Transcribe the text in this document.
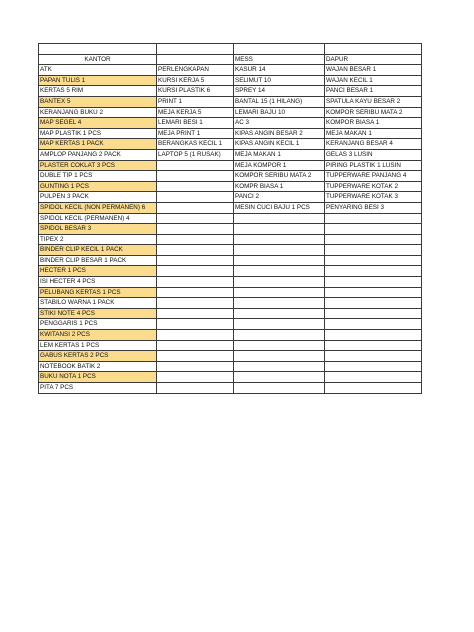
KANTOR		MESS	DAPUR
ATK	PERLENGKAPAN	KASUR 14	WAJAN BESAR 1
PAPAN TULIS 1	KURSI KERJA 5	SELIMUT 10	WAJAN KECIL 1
KERTAS 5 RIM	KURSI PLASTIK 6	SPREY 14	PANCI BESAR 1
BANTEX 5	PRINT 1	BANTAL 15 (1 HILANG)	SPATULA KAYU BESAR 2
KERANJANG BUKU 2	MEJA KERJA 5	LEMARI BAJU 10	KOMPOR SERIBU MATA 2
MAP SEGEL 4	LEMARI BESI 1	AC 3	KOMPOR BIASA 1
MAP PLASTIK 1 PCS	MEJA PRINT 1	KIPAS ANGIN BESAR 2	MEJA MAKAN 1
MAP KERTAS 1 PACK	BERANGKAS KECIL 1	KIPAS ANGIN KECIL 1	KERANJANG BESAR 4
AMPLOP PANJANG 2 PACK	LAPTOP 5 (1 RUSAK)	MEJA MAKAN 1	GELAS 3 LUSIN
PLASTER COKLAT 3 PCS		MEJA KOMPOR 1	PIRING PLASTIK 1 LUSIN
DUBLE TIP 1 PCS		KOMPOR SERIBU MATA 2	TUPPERWARE PANJANG 4
GUNTING 1 PCS		KOMPR BIASA 1	TUPPERWARE KOTAK 2
PULPEN 3 PACK		PANCI 2	TUPPERWARE KOTAK 3
SPIDOL KECIL (NON PERMANEN) 6		MESIN CUCI BAJU 1 PCS	PENYARING BESI 3
SPIDOL KECIL (PERMANEN) 4			
SPIDOL BESAR 3			
TIPEX 2			
BINDER CLIP KECIL 1 PACK			
BINDER CLIP BESAR 1 PACK			
HECTER 1 PCS			
ISI HECTER 4 PCS			
PELUBANG KERTAS 1 PCS			
STABILO WARNA 1 PACK			
STIKI NOTE 4 PCS			
PENGGARIS 1 PCS			
KWITANSI 2 PCS			
LEM KERTAS 1 PCS			
GABUS KERTAS 2 PCS			
NOTEBOOK BATIK 2			
BUKU NOTA 1 PCS			
PITA 7 PCS			
